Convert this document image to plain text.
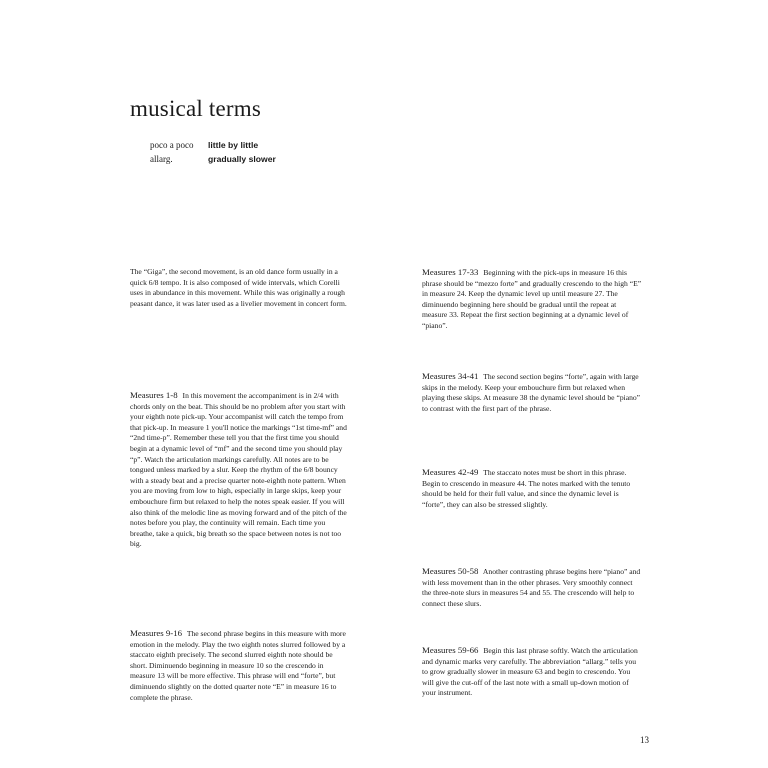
musical terms
poco a poco	little by little
allarg.	gradually slower

The “Giga”, the second movement, is an old dance form usually in a quick 6/8 tempo. It is also composed of wide intervals, which Corelli uses in abundance in this movement. While this was originally a rough peasant dance, it was later used as a livelier movement in concert form.

Measures 1-8 In this movement the accompaniment is in 2/4 with chords only on the beat. This should be no problem after you start with your eighth note pick-up. Your accompanist will catch the tempo from that pick-up. In measure 1 you'll notice the markings “1st time-mf” and “2nd time-p”. Remember these tell you that the first time you should begin at a dynamic level of “mf” and the second time you should play “p”. Watch the articulation markings carefully. All notes are to be tongued unless marked by a slur. Keep the rhythm of the 6/8 bouncy with a steady beat and a precise quarter note-eighth note pattern. When you are moving from low to high, especially in large skips, keep your embouchure firm but relaxed to help the notes speak easier. If you will also think of the melodic line as moving forward and of the pitch of the notes before you play, the continuity will remain. Each time you breathe, take a quick, big breath so the space between notes is not too big.

Measures 9-16 The second phrase begins in this measure with more emotion in the melody. Play the two eighth notes slurred followed by a staccato eighth precisely. The second slurred eighth note should be short. Diminuendo beginning in measure 10 so the crescendo in measure 13 will be more effective. This phrase will end “forte”, but diminuendo slightly on the dotted quarter note “E” in measure 16 to complete the phrase.

Measures 17-33 Beginning with the pick-ups in measure 16 this phrase should be “mezzo forte” and gradually crescendo to the high “E” in measure 24. Keep the dynamic level up until measure 27. The diminuendo beginning here should be gradual until the repeat at measure 33. Repeat the first section beginning at a dynamic level of “piano”.

Measures 34-41 The second section begins “forte”, again with large skips in the melody. Keep your embouchure firm but relaxed when playing these skips. At measure 38 the dynamic level should be “piano” to contrast with the first part of the phrase.

Measures 42-49 The staccato notes must be short in this phrase. Begin to crescendo in measure 44. The notes marked with the tenuto should be held for their full value, and since the dynamic level is “forte”, they can also be stressed slightly.

Measures 50-58 Another contrasting phrase begins here “piano” and with less movement than in the other phrases. Very smoothly connect the three-note slurs in measures 54 and 55. The crescendo will help to connect these slurs.

Measures 59-66 Begin this last phrase softly. Watch the articulation and dynamic marks very carefully. The abbreviation “allarg.” tells you to grow gradually slower in measure 63 and begin to crescendo. You will give the cut-off of the last note with a small up-down motion of your instrument.

13
